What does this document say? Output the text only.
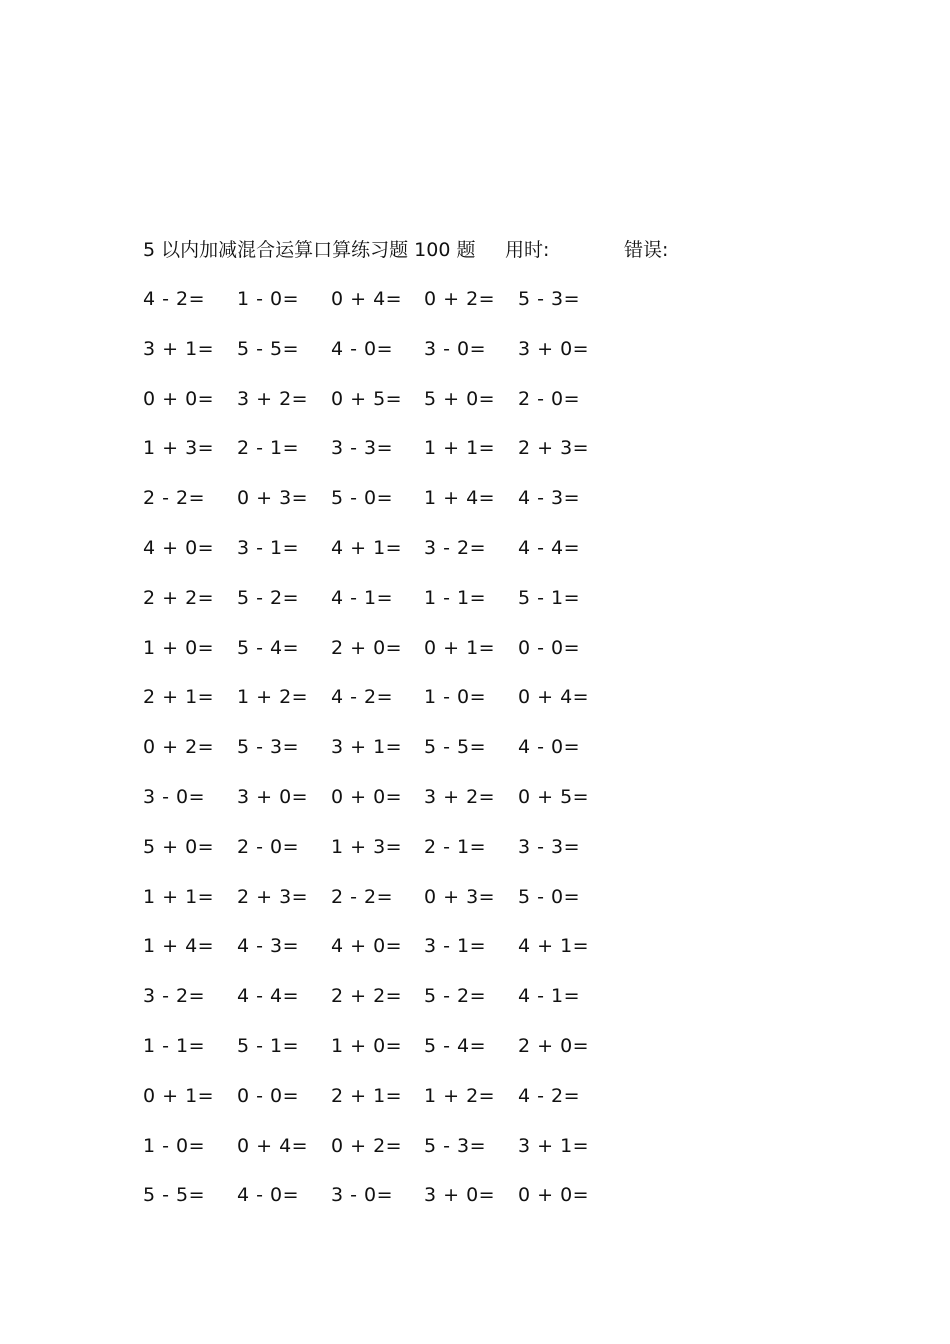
5 以内加减混合运算口算练习题 100 题 用时:	错误:
4 - 2= 1 - 0= 0 + 4= 0 + 2= 5 - 3=
3 + 1= 5 - 5= 4 - 0= 3 - 0= 3 + 0=
0 + 0= 3 + 2= 0 + 5= 5 + 0= 2 - 0=
1 + 3= 2 - 1= 3 - 3= 1 + 1= 2 + 3=
2 - 2= 0 + 3= 5 - 0= 1 + 4= 4 - 3=
4 + 0= 3 - 1= 4 + 1= 3 - 2= 4 - 4=
2 + 2= 5 - 2= 4 - 1= 1 - 1= 5 - 1=
1 + 0= 5 - 4= 2 + 0= 0 + 1= 0 - 0=
2 + 1= 1 + 2= 4 - 2= 1 - 0= 0 + 4=
0 + 2= 5 - 3= 3 + 1= 5 - 5= 4 - 0=
3 - 0= 3 + 0= 0 + 0= 3 + 2= 0 + 5=
5 + 0= 2 - 0= 1 + 3= 2 - 1= 3 - 3=
1 + 1= 2 + 3= 2 - 2= 0 + 3= 5 - 0=
1 + 4= 4 - 3= 4 + 0= 3 - 1= 4 + 1=
3 - 2= 4 - 4= 2 + 2= 5 - 2= 4 - 1=
1 - 1= 5 - 1= 1 + 0= 5 - 4= 2 + 0=
0 + 1= 0 - 0= 2 + 1= 1 + 2= 4 - 2=
1 - 0= 0 + 4= 0 + 2= 5 - 3= 3 + 1=
5 - 5= 4 - 0= 3 - 0= 3 + 0= 0 + 0=
